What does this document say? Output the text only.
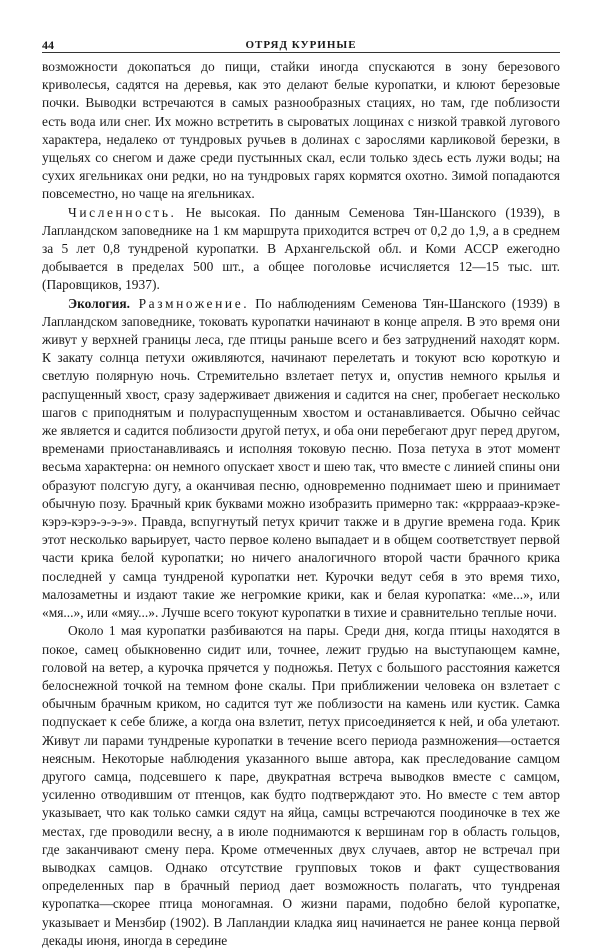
44	ОТРЯД КУРИНЫЕ

возможности докопаться до пищи, стайки иногда спускаются в зону березового криволесья, садятся на деревья, как это делают белые куропатки, и клюют березовые почки. Выводки встречаются в самых разнообразных стациях, но там, где поблизости есть вода или снег. Их можно встретить в сыроватых лощинах с низкой травкой лугового характера, недалеко от тундровых ручьев в долинах с зарослями карликовой березки, в ущельях со снегом и даже среди пустынных скал, если только здесь есть лужи воды; на сухих ягельниках они редки, но на тундровых гарях кормятся охотно. Зимой попадаются повсеместно, но чаще на ягельниках.

Численность. Не высокая. По данным Семенова Тян-Шанского (1939), в Лапландском заповеднике на 1 км маршрута приходится встреч от 0,2 до 1,9, а в среднем за 5 лет 0,8 тундреной куропатки. В Архангельской обл. и Коми АССР ежегодно добывается в пределах 500 шт., а общее поголовье исчисляется 12—15 тыс. шт. (Паровщиков, 1937).

Экология. Размножение. По наблюдениям Семенова Тян-Шанского (1939) в Лапландском заповеднике, токовать куропатки начинают в конце апреля. В это время они живут у верхней границы леса, где птицы раньше всего и без затруднений находят корм. К закату солнца петухи оживляются, начинают перелетать и токуют всю короткую и светлую полярную ночь. Стремительно взлетает петух и, опустив немного крылья и распущенный хвост, сразу задерживает движения и садится на снег, пробегает несколько шагов с приподнятым и полураспущенным хвостом и останавливается. Обычно сейчас же является и садится поблизости другой петух, и оба они перебегают друг перед другом, временами приостанавливаясь и исполняя токовую песню. Поза петуха в этот момент весьма характерна: он немного опускает хвост и шею так, что вместе с линией спины они образуют полсгую дугу, а оканчивая песню, одновременно поднимает шею и принимает обычную позу. Брачный крик буквами можно изобразить примерно так: «кррраааэ-крэке-кэрэ-кэрэ-э-э-э». Правда, вспугнутый петух кричит также и в другие времена года. Крик этот несколько варьирует, часто первое колено выпадает и в общем соответствует первой части крика белой куропатки; но ничего аналогичного второй части брачного крика последней у самца тундреной куропатки нет. Курочки ведут себя в это время тихо, малозаметны и издают такие же негромкие крики, как и белая куропатка: «ме...», или «мя...», или «мяу...». Лучше всего токуют куропатки в тихие и сравнительно теплые ночи.

Около 1 мая куропатки разбиваются на пары. Среди дня, когда птицы находятся в покое, самец обыкновенно сидит или, точнее, лежит грудью на выступающем камне, головой на ветер, а курочка прячется у подножья. Петух с большого расстояния кажется белоснежной точкой на темном фоне скалы. При приближении человека он взлетает с обычным брачным криком, но садится тут же поблизости на камень или кустик. Самка подпускает к себе ближе, а когда она взлетит, петух присоединяется к ней, и оба улетают. Живут ли парами тундреные куропатки в течение всего периода размножения—остается неясным. Некоторые наблюдения указанного выше автора, как преследование самцом другого самца, подсевшего к паре, двукратная встреча выводков вместе с самцом, усиленно отводившим от птенцов, как будто подтверждают это. Но вместе с тем автор указывает, что как только самки сядут на яйца, самцы встречаются поодиночке в тех же местах, где проводили весну, а в июле поднимаются к вершинам гор в область гольцов, где заканчивают смену пера. Кроме отмеченных двух случаев, автор не встречал при выводках самцов. Однако отсутствие групповых токов и факт существования определенных пар в брачный период дает возможность полагать, что тундреная куропатка—скорее птица моногамная. О жизни парами, подобно белой куропатке, указывает и Мензбир (1902). В Лапландии кладка яиц начинается не ранее конца первой декады июня, иногда в середине
